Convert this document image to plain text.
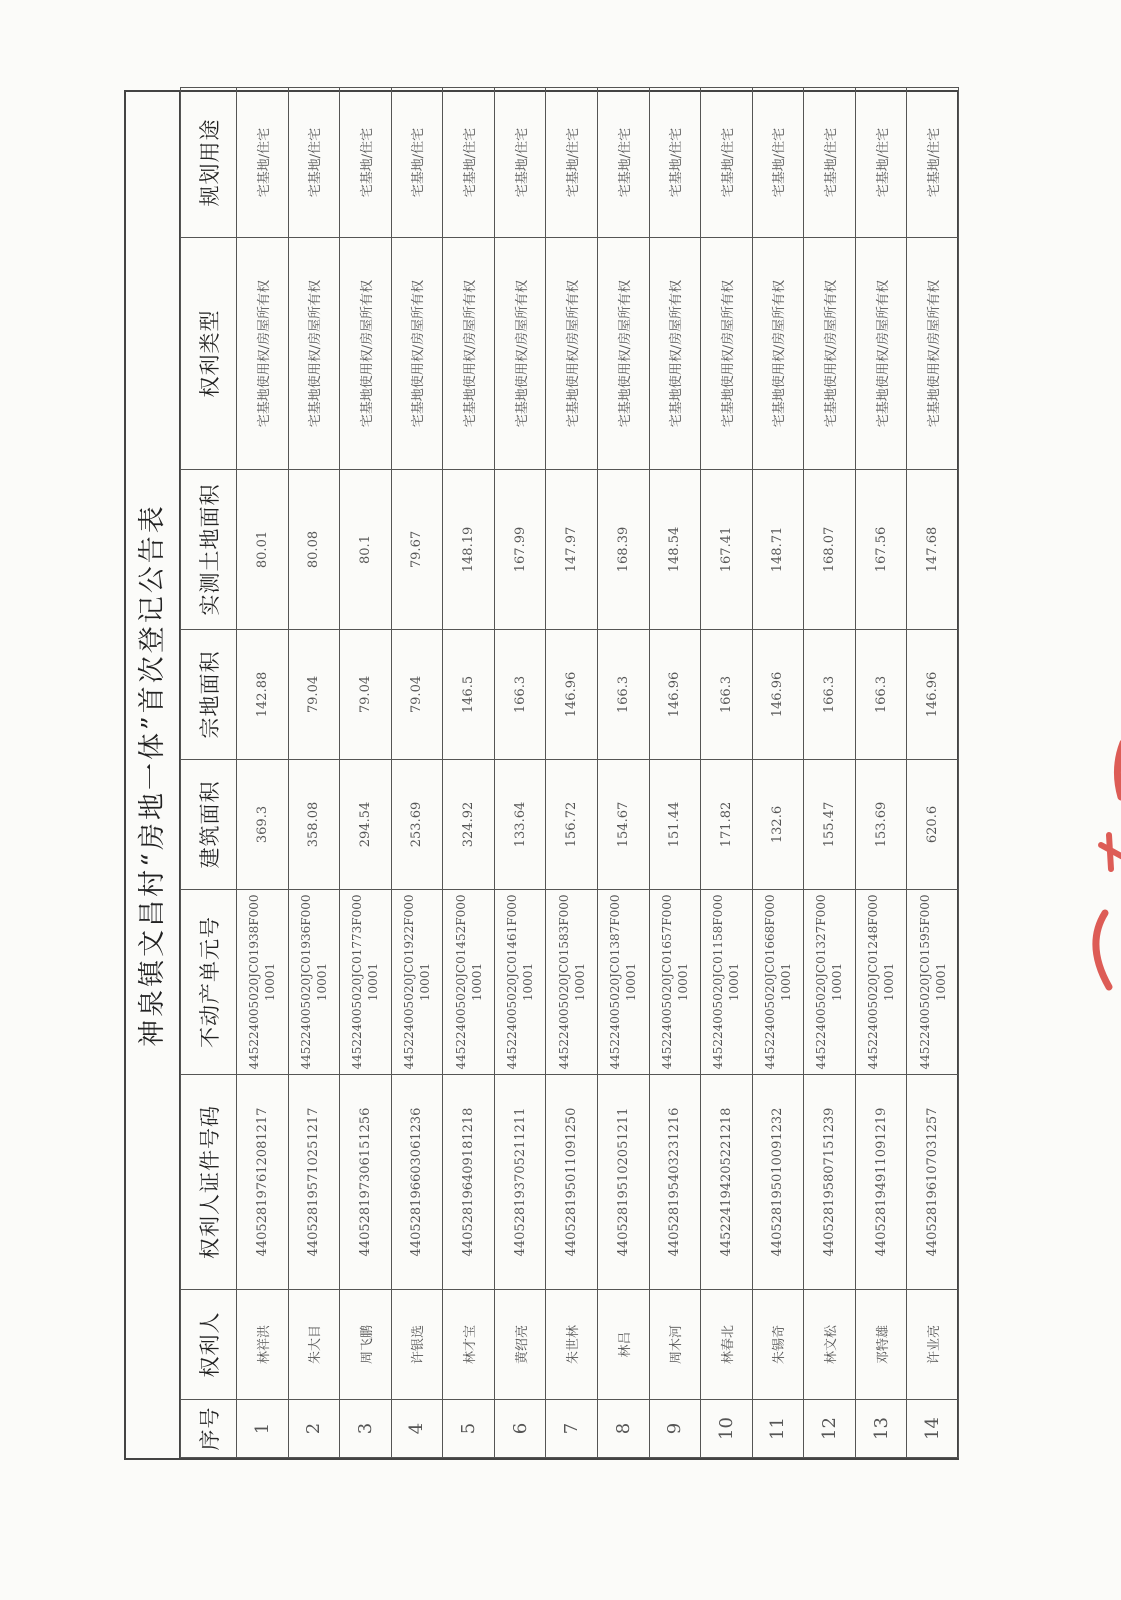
神泉镇文昌村“房地一体”首次登记公告表
序号	权利人	权利人证件号码	不动产单元号	建筑面积	宗地面积	实测土地面积	权利类型	规划用途
1	林祥洪	440528197612081217	445224005020JC01938F00010001	369.3	142.88	80.01	宅基地使用权/房屋所有权	宅基地/住宅
2	朱大目	440528195710251217	445224005020JC01936F00010001	358.08	79.04	80.08	宅基地使用权/房屋所有权	宅基地/住宅
3	周飞鹏	440528197306151256	445224005020JC01773F00010001	294.54	79.04	80.1	宅基地使用权/房屋所有权	宅基地/住宅
4	许银选	440528196603061236	445224005020JC01922F00010001	253.69	79.04	79.67	宅基地使用权/房屋所有权	宅基地/住宅
5	林才宝	440528196409181218	445224005020JC01452F00010001	324.92	146.5	148.19	宅基地使用权/房屋所有权	宅基地/住宅
6	黄绍亮	440528193705211211	445224005020JC01461F00010001	133.64	166.3	167.99	宅基地使用权/房屋所有权	宅基地/住宅
7	朱世林	440528195011091250	445224005020JC01583F00010001	156.72	146.96	147.97	宅基地使用权/房屋所有权	宅基地/住宅
8	林吕	440528195102051211	445224005020JC01387F00010001	154.67	166.3	168.39	宅基地使用权/房屋所有权	宅基地/住宅
9	周木河	440528195403231216	445224005020JC01657F00010001	151.44	146.96	148.54	宅基地使用权/房屋所有权	宅基地/住宅
10	林春北	445224194205221218	445224005020JC01158F00010001	171.82	166.3	167.41	宅基地使用权/房屋所有权	宅基地/住宅
11	朱锡奇	440528195010091232	445224005020JC01668F00010001	132.6	146.96	148.71	宅基地使用权/房屋所有权	宅基地/住宅
12	林文松	440528195807151239	445224005020JC01327F00010001	155.47	166.3	168.07	宅基地使用权/房屋所有权	宅基地/住宅
13	邓特雄	440528194911091219	445224005020JC01248F00010001	153.69	166.3	167.56	宅基地使用权/房屋所有权	宅基地/住宅
14	许业亮	440528196107031257	445224005020JC01595F00010001	620.6	146.96	147.68	宅基地使用权/房屋所有权	宅基地/住宅
